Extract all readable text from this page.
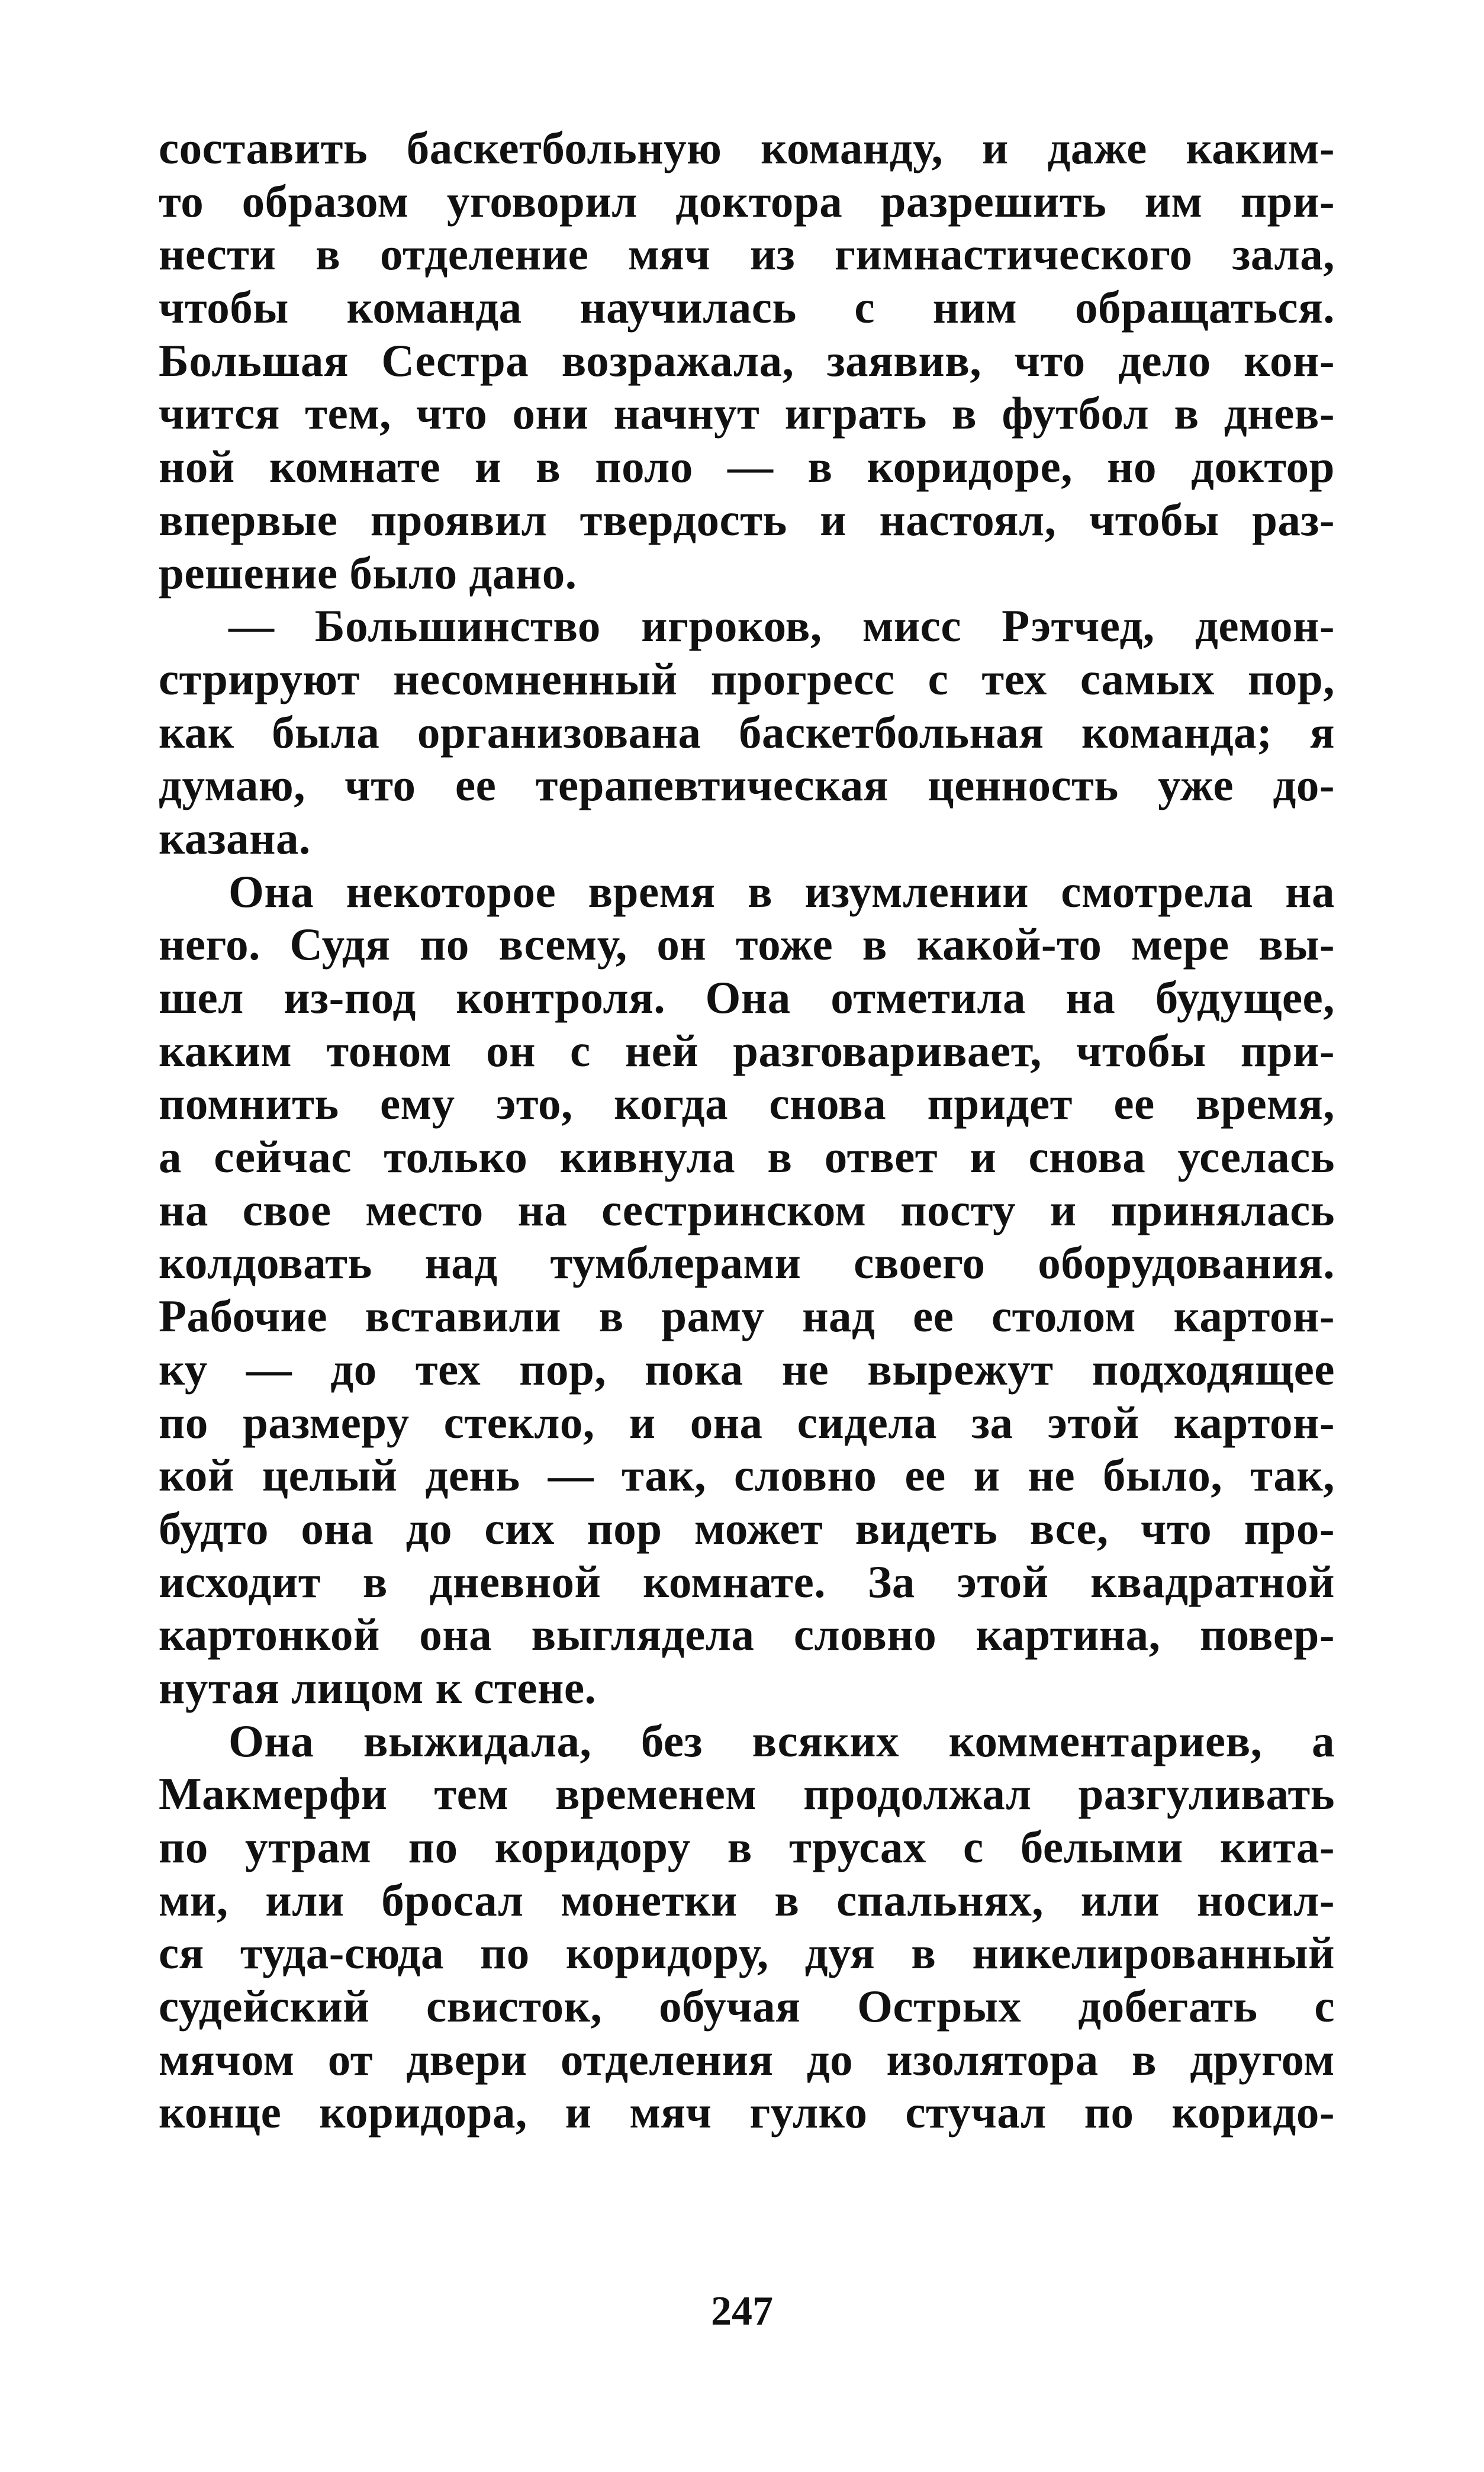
составить баскетбольную команду, и даже каким-
то образом уговорил доктора разрешить им при-
нести в отделение мяч из гимнастического зала,
чтобы команда научилась с ним обращаться.
Большая Сестра возражала, заявив, что дело кон-
чится тем, что они начнут играть в футбол в днев-
ной комнате и в поло — в коридоре, но доктор
впервые проявил твердость и настоял, чтобы раз-
решение было дано.
— Большинство игроков, мисс Рэтчед, демон-
стрируют несомненный прогресс с тех самых пор,
как была организована баскетбольная команда; я
думаю, что ее терапевтическая ценность уже до-
казана.
Она некоторое время в изумлении смотрела на
него. Судя по всему, он тоже в какой-то мере вы-
шел из-под контроля. Она отметила на будущее,
каким тоном он с ней разговаривает, чтобы при-
помнить ему это, когда снова придет ее время,
а сейчас только кивнула в ответ и снова уселась
на свое место на сестринском посту и принялась
колдовать над тумблерами своего оборудования.
Рабочие вставили в раму над ее столом картон-
ку — до тех пор, пока не вырежут подходящее
по размеру стекло, и она сидела за этой картон-
кой целый день — так, словно ее и не было, так,
будто она до сих пор может видеть все, что про-
исходит в дневной комнате. За этой квадратной
картонкой она выглядела словно картина, повер-
нутая лицом к стене.
Она выжидала, без всяких комментариев, а
Макмерфи тем временем продолжал разгуливать
по утрам по коридору в трусах с белыми кита-
ми, или бросал монетки в спальнях, или носил-
ся туда-сюда по коридору, дуя в никелированный
судейский свисток, обучая Острых добегать с
мячом от двери отделения до изолятора в другом
конце коридора, и мяч гулко стучал по коридо-
247
